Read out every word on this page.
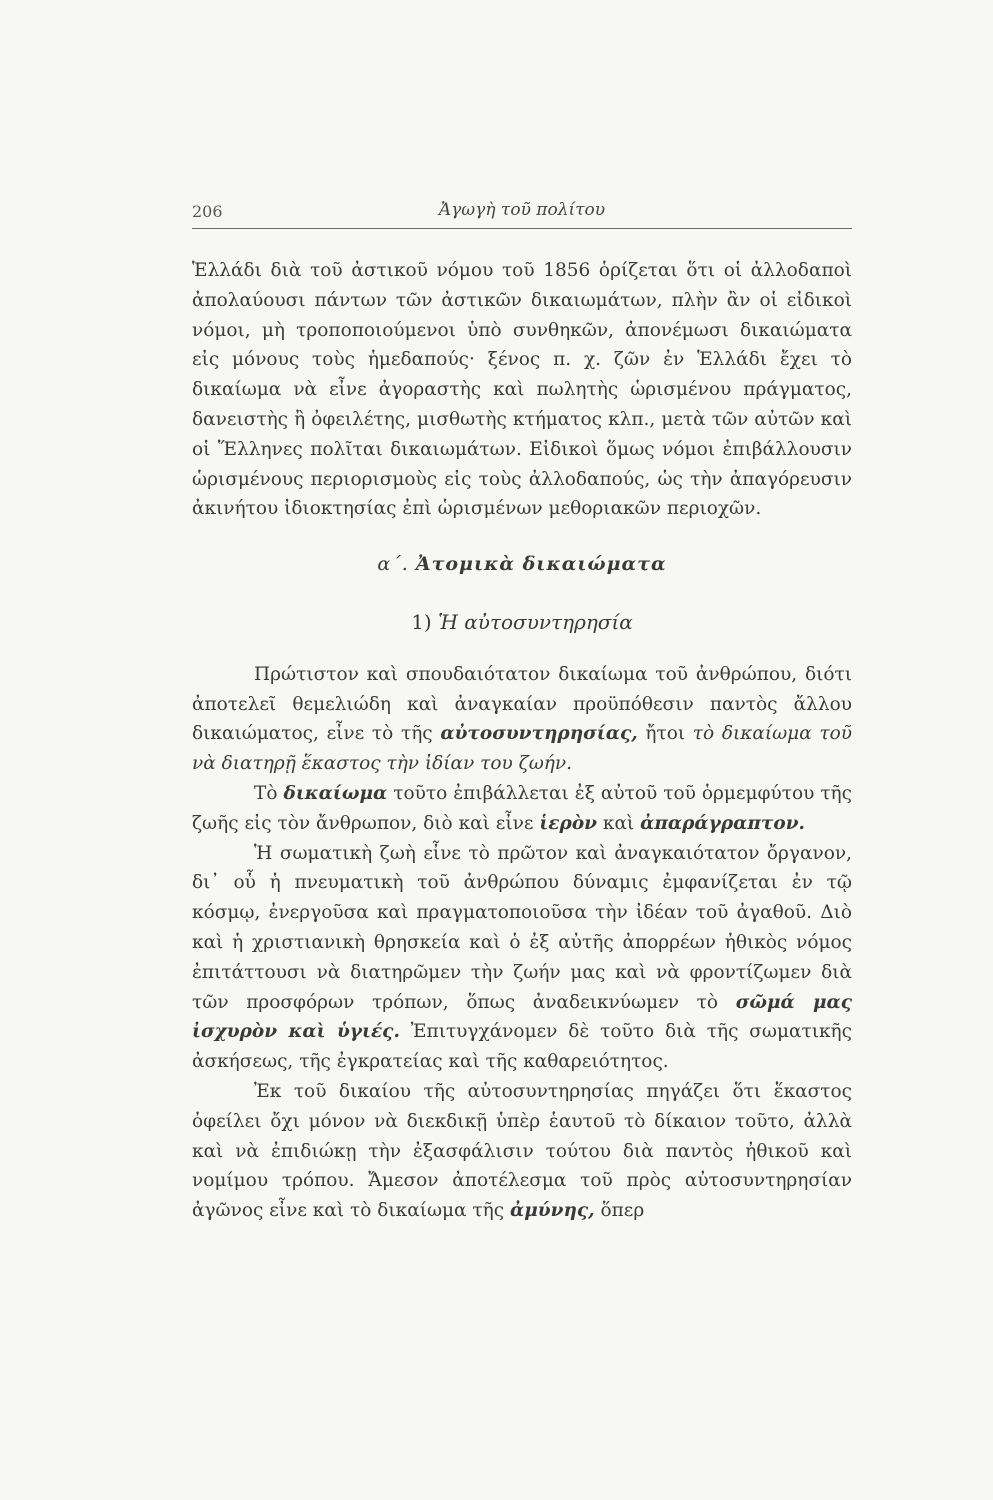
206	Ἀγωγὴ τοῦ πολίτου

Ἑλλάδι διὰ τοῦ ἀστικοῦ νόμου τοῦ 1856 ὁρίζεται ὅτι οἱ ἀλλοδαποὶ ἀπολαύουσι πάντων τῶν ἀστικῶν δικαιωμάτων, πλὴν ἂν οἱ εἰδικοὶ νόμοι, μὴ τροποποιούμενοι ὑπὸ συνθηκῶν, ἀπονέμωσι δικαιώματα εἰς μόνους τοὺς ἡμεδαπούς· ξένος π. χ. ζῶν ἐν Ἑλλάδι ἔχει τὸ δικαίωμα νὰ εἶνε ἀγοραστὴς καὶ πωλητὴς ὡρισμένου πράγματος, δανειστὴς ἢ ὀφειλέτης, μισθωτὴς κτήματος κλπ., μετὰ τῶν αὐτῶν καὶ οἱ Ἕλληνες πολῖται δικαιωμάτων. Εἰδικοὶ ὅμως νόμοι ἐπιβάλλουσιν ὡρισμένους περιορισμοὺς εἰς τοὺς ἀλλοδαπούς, ὡς τὴν ἀπαγόρευσιν ἀκινήτου ἰδιοκτησίας ἐπὶ ὡρισμένων μεθοριακῶν περιοχῶν.

α΄. Ἀτομικὰ δικαιώματα
1) Ἡ αὐτοσυντηρησία

Πρώτιστον καὶ σπουδαιότατον δικαίωμα τοῦ ἀνθρώπου, διότι ἀποτελεῖ θεμελιώδη καὶ ἀναγκαίαν προϋπόθεσιν παντὸς ἄλλου δικαιώματος, εἶνε τὸ τῆς αὐτοσυντηρησίας, ἤτοι τὸ δικαίωμα τοῦ νὰ διατηρῇ ἕκαστος τὴν ἰδίαν του ζωήν.

Τὸ δικαίωμα τοῦτο ἐπιβάλλεται ἐξ αὐτοῦ τοῦ ὁρμεμφύτου τῆς ζωῆς εἰς τὸν ἄνθρωπον, διὸ καὶ εἶνε ἱερὸν καὶ ἀπαράγραπτον.

Ἡ σωματικὴ ζωὴ εἶνε τὸ πρῶτον καὶ ἀναγκαιότατον ὄργανον, δι᾽ οὗ ἡ πνευματικὴ τοῦ ἀνθρώπου δύναμις ἐμφανίζεται ἐν τῷ κόσμῳ, ἐνεργοῦσα καὶ πραγματοποιοῦσα τὴν ἰδέαν τοῦ ἀγαθοῦ. Διὸ καὶ ἡ χριστιανικὴ θρησκεία καὶ ὁ ἐξ αὐτῆς ἀπορρέων ἠθικὸς νόμος ἐπιτάττουσι νὰ διατηρῶμεν τὴν ζωήν μας καὶ νὰ φροντίζωμεν διὰ τῶν προσφόρων τρόπων, ὅπως ἀναδεικνύωμεν τὸ σῶμά μας ἰσχυρὸν καὶ ὑγιές. Ἐπιτυγχάνομεν δὲ τοῦτο διὰ τῆς σωματικῆς ἀσκήσεως, τῆς ἐγκρατείας καὶ τῆς καθαρειότητος.

Ἐκ τοῦ δικαίου τῆς αὐτοσυντηρησίας πηγάζει ὅτι ἕκαστος ὀφείλει ὄχι μόνον νὰ διεκδικῇ ὑπὲρ ἑαυτοῦ τὸ δίκαιον τοῦτο, ἀλλὰ καὶ νὰ ἐπιδιώκῃ τὴν ἐξασφάλισιν τούτου διὰ παντὸς ἠθικοῦ καὶ νομίμου τρόπου. Ἄμεσον ἀποτέλεσμα τοῦ πρὸς αὐτοσυντηρησίαν ἀγῶνος εἶνε καὶ τὸ δικαίωμα τῆς ἀμύνης, ὅπερ
